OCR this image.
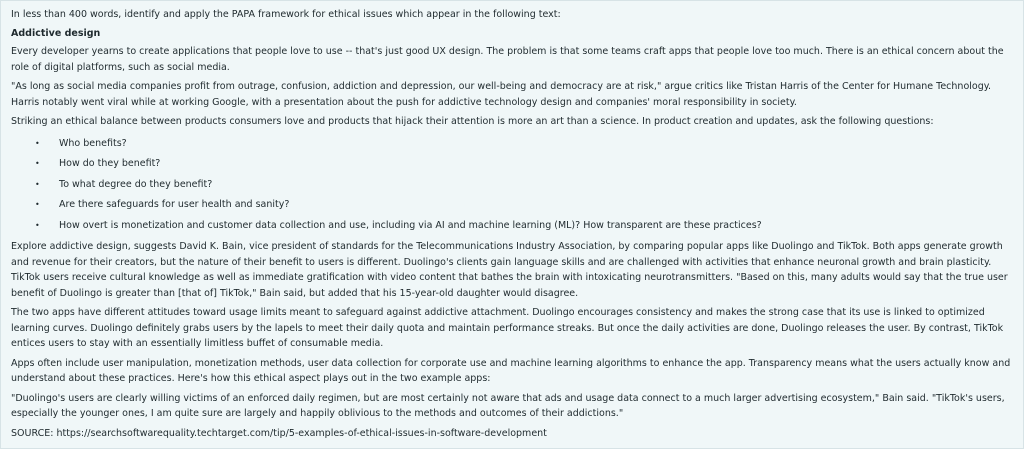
In less than 400 words, identify and apply the PAPA framework for ethical issues which appear in the following text:
Addictive design

Every developer yearns to create applications that people love to use -- that's just good UX design. The problem is that some teams craft apps that people love too much. There is an ethical concern about the role of digital platforms, such as social media.

"As long as social media companies profit from outrage, confusion, addiction and depression, our well-being and democracy are at risk," argue critics like Tristan Harris of the Center for Humane Technology. Harris notably went viral while at working Google, with a presentation about the push for addictive technology design and companies' moral responsibility in society.

Striking an ethical balance between products consumers love and products that hijack their attention is more an art than a science. In product creation and updates, ask the following questions:

• Who benefits?
• How do they benefit?
• To what degree do they benefit?
• Are there safeguards for user health and sanity?
• How overt is monetization and customer data collection and use, including via AI and machine learning (ML)? How transparent are these practices?

Explore addictive design, suggests David K. Bain, vice president of standards for the Telecommunications Industry Association, by comparing popular apps like Duolingo and TikTok. Both apps generate growth and revenue for their creators, but the nature of their benefit to users is different. Duolingo's clients gain language skills and are challenged with activities that enhance neuronal growth and brain plasticity. TikTok users receive cultural knowledge as well as immediate gratification with video content that bathes the brain with intoxicating neurotransmitters. "Based on this, many adults would say that the true user benefit of Duolingo is greater than [that of] TikTok," Bain said, but added that his 15-year-old daughter would disagree.

The two apps have different attitudes toward usage limits meant to safeguard against addictive attachment. Duolingo encourages consistency and makes the strong case that its use is linked to optimized learning curves. Duolingo definitely grabs users by the lapels to meet their daily quota and maintain performance streaks. But once the daily activities are done, Duolingo releases the user. By contrast, TikTok entices users to stay with an essentially limitless buffet of consumable media.

Apps often include user manipulation, monetization methods, user data collection for corporate use and machine learning algorithms to enhance the app. Transparency means what the users actually know and understand about these practices. Here's how this ethical aspect plays out in the two example apps:

"Duolingo's users are clearly willing victims of an enforced daily regimen, but are most certainly not aware that ads and usage data connect to a much larger advertising ecosystem," Bain said. "TikTok's users, especially the younger ones, I am quite sure are largely and happily oblivious to the methods and outcomes of their addictions."

SOURCE: https://searchsoftwarequality.techtarget.com/tip/5-examples-of-ethical-issues-in-software-development
